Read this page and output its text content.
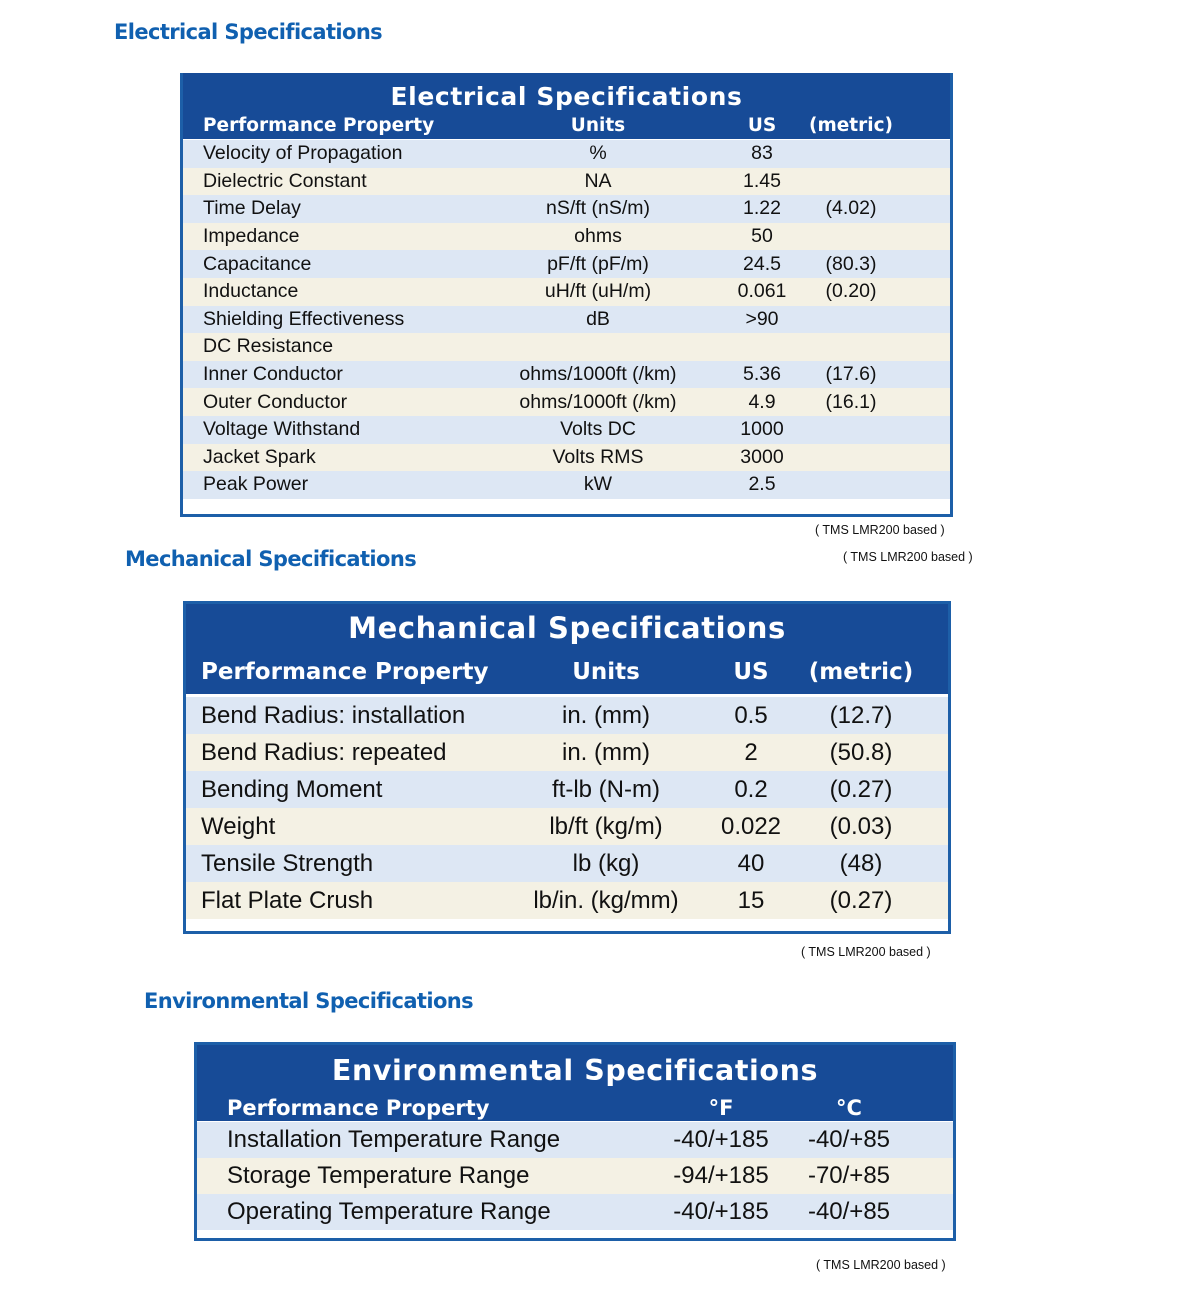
Electrical Specifications
Electrical Specifications
Performance Property	Units	US	(metric)
Velocity of Propagation	%	83
Dielectric Constant	NA	1.45
Time Delay	nS/ft (nS/m)	1.22	(4.02)
Impedance	ohms	50
Capacitance	pF/ft (pF/m)	24.5	(80.3)
Inductance	uH/ft (uH/m)	0.061	(0.20)
Shielding Effectiveness	dB	>90
DC Resistance
Inner Conductor	ohms/1000ft (/km)	5.36	(17.6)
Outer Conductor	ohms/1000ft (/km)	4.9	(16.1)
Voltage Withstand	Volts DC	1000
Jacket Spark	Volts RMS	3000
Peak Power	kW	2.5
( TMS LMR200 based )
Mechanical Specifications	( TMS LMR200 based )
Mechanical Specifications
Performance Property	Units	US	(metric)
Bend Radius: installation	in. (mm)	0.5	(12.7)
Bend Radius: repeated	in. (mm)	2	(50.8)
Bending Moment	ft-lb (N-m)	0.2	(0.27)
Weight	lb/ft (kg/m)	0.022	(0.03)
Tensile Strength	lb (kg)	40	(48)
Flat Plate Crush	lb/in. (kg/mm)	15	(0.27)
( TMS LMR200 based )
Environmental Specifications
Environmental Specifications
Performance Property	°F	°C
Installation Temperature Range	-40/+185	-40/+85
Storage Temperature Range	-94/+185	-70/+85
Operating Temperature Range	-40/+185	-40/+85
( TMS LMR200 based )
